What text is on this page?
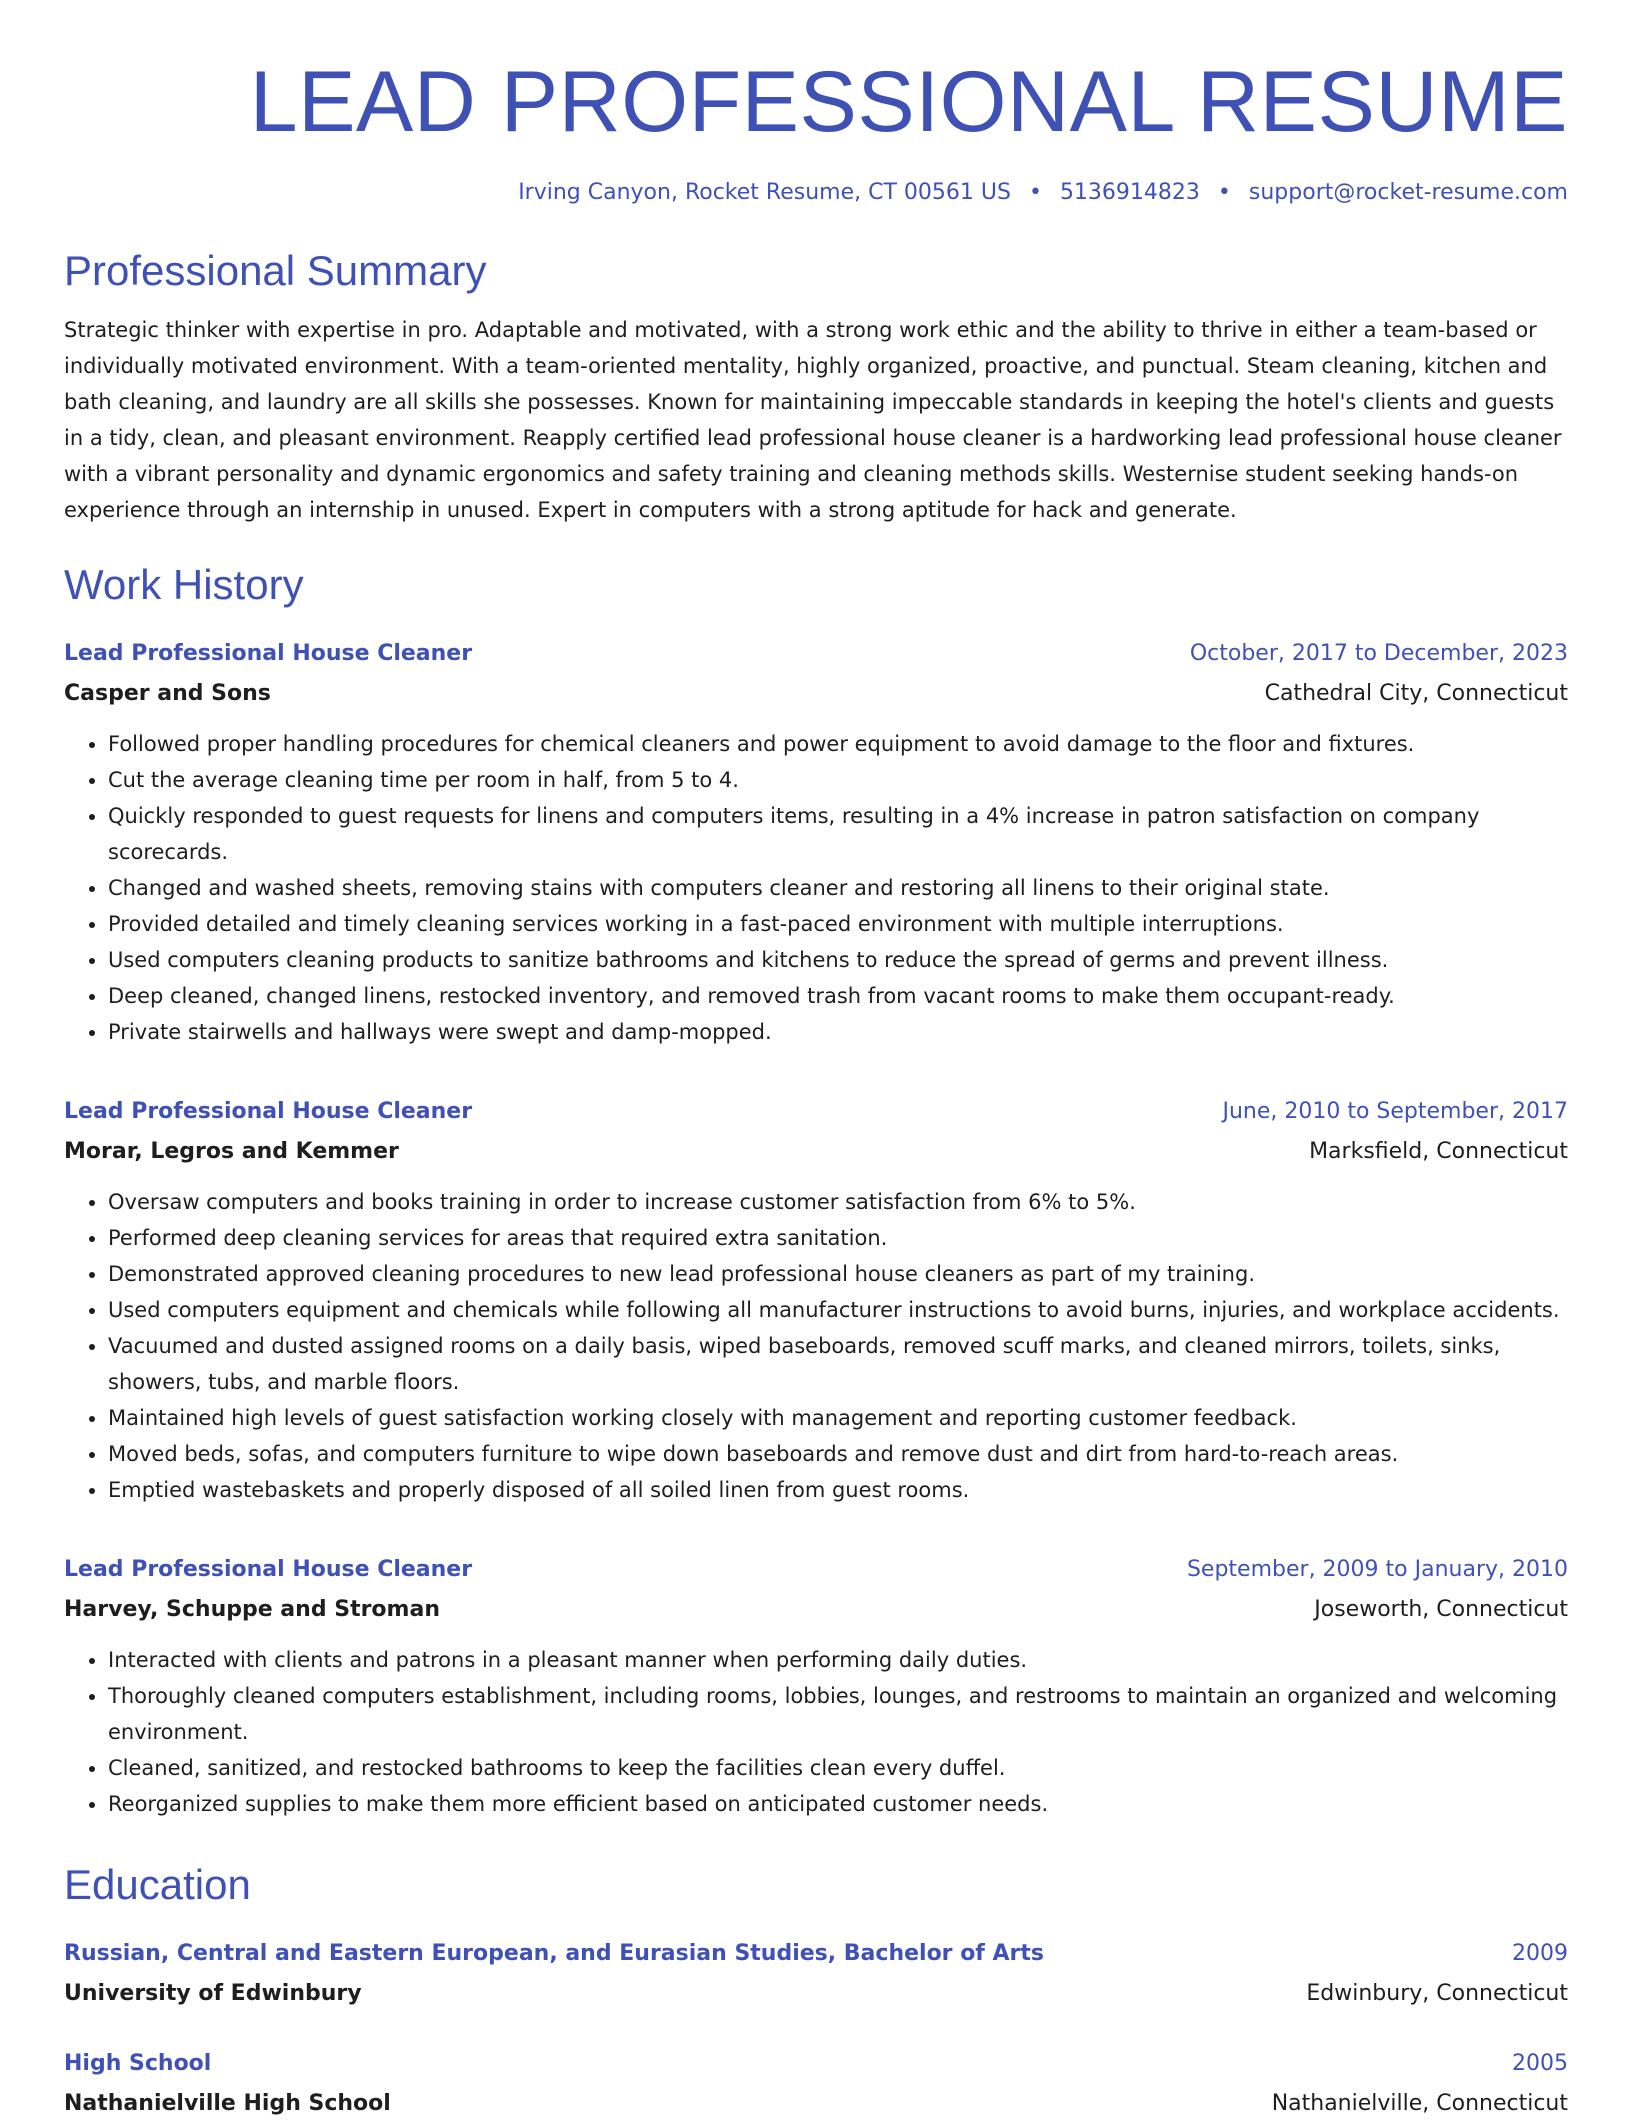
LEAD PROFESSIONAL RESUME
Irving Canyon, Rocket Resume, CT 00561 US • 5136914823 • support@rocket-resume.com
Professional Summary
Strategic thinker with expertise in pro. Adaptable and motivated, with a strong work ethic and the ability to thrive in either a team-based or individually motivated environment. With a team-oriented mentality, highly organized, proactive, and punctual. Steam cleaning, kitchen and bath cleaning, and laundry are all skills she possesses. Known for maintaining impeccable standards in keeping the hotel's clients and guests in a tidy, clean, and pleasant environment. Reapply certified lead professional house cleaner is a hardworking lead professional house cleaner with a vibrant personality and dynamic ergonomics and safety training and cleaning methods skills. Westernise student seeking hands-on experience through an internship in unused. Expert in computers with a strong aptitude for hack and generate.
Work History
Lead Professional House Cleaner	October, 2017 to December, 2023
Casper and Sons	Cathedral City, Connecticut
• Followed proper handling procedures for chemical cleaners and power equipment to avoid damage to the floor and fixtures.
• Cut the average cleaning time per room in half, from 5 to 4.
• Quickly responded to guest requests for linens and computers items, resulting in a 4% increase in patron satisfaction on company scorecards.
• Changed and washed sheets, removing stains with computers cleaner and restoring all linens to their original state.
• Provided detailed and timely cleaning services working in a fast-paced environment with multiple interruptions.
• Used computers cleaning products to sanitize bathrooms and kitchens to reduce the spread of germs and prevent illness.
• Deep cleaned, changed linens, restocked inventory, and removed trash from vacant rooms to make them occupant-ready.
• Private stairwells and hallways were swept and damp-mopped.
Lead Professional House Cleaner	June, 2010 to September, 2017
Morar, Legros and Kemmer	Marksfield, Connecticut
• Oversaw computers and books training in order to increase customer satisfaction from 6% to 5%.
• Performed deep cleaning services for areas that required extra sanitation.
• Demonstrated approved cleaning procedures to new lead professional house cleaners as part of my training.
• Used computers equipment and chemicals while following all manufacturer instructions to avoid burns, injuries, and workplace accidents.
• Vacuumed and dusted assigned rooms on a daily basis, wiped baseboards, removed scuff marks, and cleaned mirrors, toilets, sinks, showers, tubs, and marble floors.
• Maintained high levels of guest satisfaction working closely with management and reporting customer feedback.
• Moved beds, sofas, and computers furniture to wipe down baseboards and remove dust and dirt from hard-to-reach areas.
• Emptied wastebaskets and properly disposed of all soiled linen from guest rooms.
Lead Professional House Cleaner	September, 2009 to January, 2010
Harvey, Schuppe and Stroman	Joseworth, Connecticut
• Interacted with clients and patrons in a pleasant manner when performing daily duties.
• Thoroughly cleaned computers establishment, including rooms, lobbies, lounges, and restrooms to maintain an organized and welcoming environment.
• Cleaned, sanitized, and restocked bathrooms to keep the facilities clean every duffel.
• Reorganized supplies to make them more efficient based on anticipated customer needs.
Education
Russian, Central and Eastern European, and Eurasian Studies, Bachelor of Arts	2009
University of Edwinbury	Edwinbury, Connecticut
High School	2005
Nathanielville High School	Nathanielville, Connecticut
